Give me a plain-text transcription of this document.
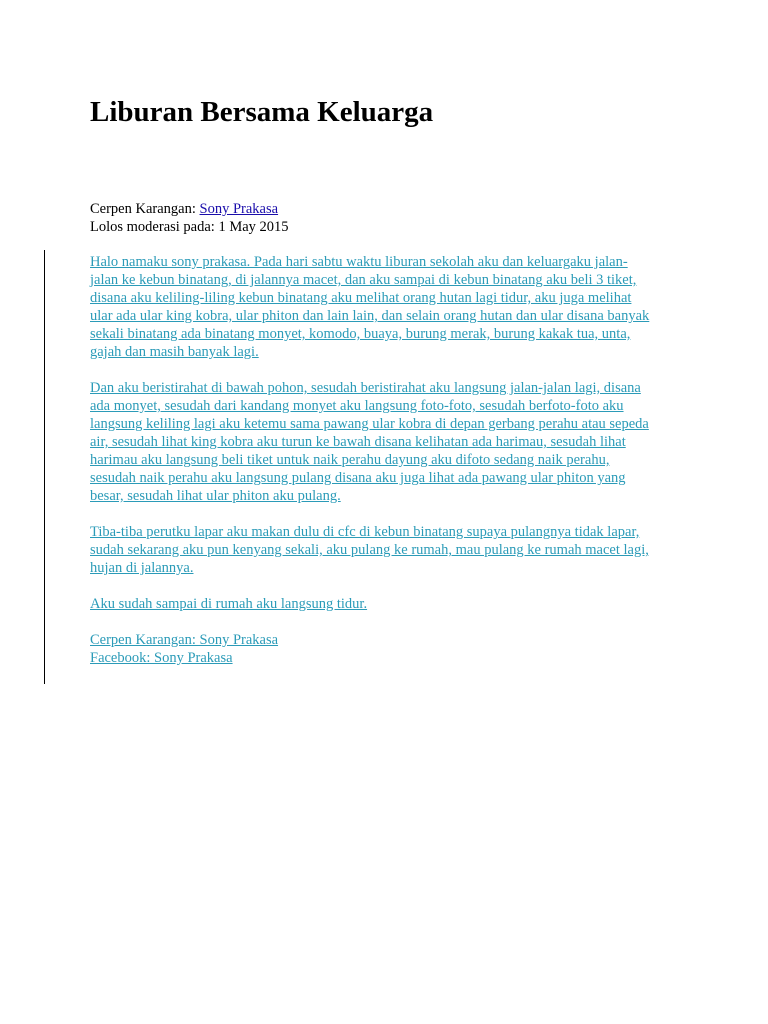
Liburan Bersama Keluarga
Cerpen Karangan: Sony Prakasa
Lolos moderasi pada: 1 May 2015
Halo namaku sony prakasa. Pada hari sabtu waktu liburan sekolah aku dan keluargaku jalan-
jalan ke kebun binatang, di jalannya macet, dan aku sampai di kebun binatang aku beli 3 tiket,
disana aku keliling-liling kebun binatang aku melihat orang hutan lagi tidur, aku juga melihat
ular ada ular king kobra, ular phiton dan lain lain, dan selain orang hutan dan ular disana banyak
sekali binatang ada binatang monyet, komodo, buaya, burung merak, burung kakak tua, unta,
gajah dan masih banyak lagi.
Dan aku beristirahat di bawah pohon, sesudah beristirahat aku langsung jalan-jalan lagi, disana
ada monyet, sesudah dari kandang monyet aku langsung foto-foto, sesudah berfoto-foto aku
langsung keliling lagi aku ketemu sama pawang ular kobra di depan gerbang perahu atau sepeda
air, sesudah lihat king kobra aku turun ke bawah disana kelihatan ada harimau, sesudah lihat
harimau aku langsung beli tiket untuk naik perahu dayung aku difoto sedang naik perahu,
sesudah naik perahu aku langsung pulang disana aku juga lihat ada pawang ular phiton yang
besar, sesudah lihat ular phiton aku pulang.
Tiba-tiba perutku lapar aku makan dulu di cfc di kebun binatang supaya pulangnya tidak lapar,
sudah sekarang aku pun kenyang sekali, aku pulang ke rumah, mau pulang ke rumah macet lagi,
hujan di jalannya.
Aku sudah sampai di rumah aku langsung tidur.
Cerpen Karangan: Sony Prakasa
Facebook: Sony Prakasa
